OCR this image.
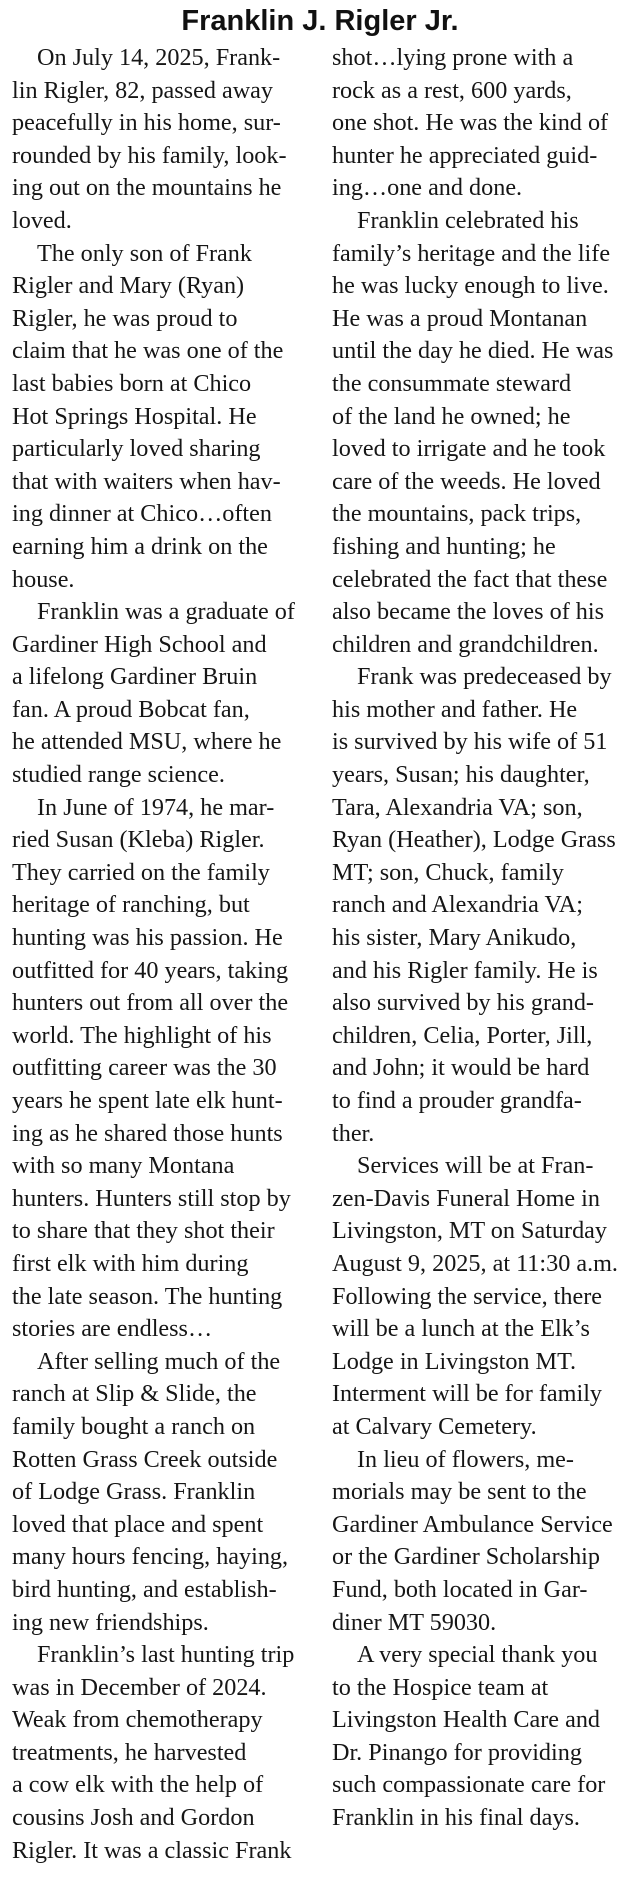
Franklin J. Rigler Jr.
On July 14, 2025, Frank-
lin Rigler, 82, passed away
peacefully in his home, sur-
rounded by his family, look-
ing out on the mountains he
loved.
The only son of Frank
Rigler and Mary (Ryan)
Rigler, he was proud to
claim that he was one of the
last babies born at Chico
Hot Springs Hospital. He
particularly loved sharing
that with waiters when hav-
ing dinner at Chico…often
earning him a drink on the
house.
Franklin was a graduate of
Gardiner High School and
a lifelong Gardiner Bruin
fan. A proud Bobcat fan,
he attended MSU, where he
studied range science.
In June of 1974, he mar-
ried Susan (Kleba) Rigler.
They carried on the family
heritage of ranching, but
hunting was his passion. He
outfitted for 40 years, taking
hunters out from all over the
world. The highlight of his
outfitting career was the 30
years he spent late elk hunt-
ing as he shared those hunts
with so many Montana
hunters. Hunters still stop by
to share that they shot their
first elk with him during
the late season. The hunting
stories are endless…
After selling much of the
ranch at Slip & Slide, the
family bought a ranch on
Rotten Grass Creek outside
of Lodge Grass. Franklin
loved that place and spent
many hours fencing, haying,
bird hunting, and establish-
ing new friendships.
Franklin’s last hunting trip
was in December of 2024.
Weak from chemotherapy
treatments, he harvested
a cow elk with the help of
cousins Josh and Gordon
Rigler. It was a classic Frank
shot…lying prone with a
rock as a rest, 600 yards,
one shot. He was the kind of
hunter he appreciated guid-
ing…one and done.
Franklin celebrated his
family’s heritage and the life
he was lucky enough to live.
He was a proud Montanan
until the day he died. He was
the consummate steward
of the land he owned; he
loved to irrigate and he took
care of the weeds. He loved
the mountains, pack trips,
fishing and hunting; he
celebrated the fact that these
also became the loves of his
children and grandchildren.
Frank was predeceased by
his mother and father. He
is survived by his wife of 51
years, Susan; his daughter,
Tara, Alexandria VA; son,
Ryan (Heather), Lodge Grass
MT; son, Chuck, family
ranch and Alexandria VA;
his sister, Mary Anikudo,
and his Rigler family. He is
also survived by his grand-
children, Celia, Porter, Jill,
and John; it would be hard
to find a prouder grandfa-
ther.
Services will be at Fran-
zen-Davis Funeral Home in
Livingston, MT on Saturday
August 9, 2025, at 11:30 a.m.
Following the service, there
will be a lunch at the Elk’s
Lodge in Livingston MT.
Interment will be for family
at Calvary Cemetery.
In lieu of flowers, me-
morials may be sent to the
Gardiner Ambulance Service
or the Gardiner Scholarship
Fund, both located in Gar-
diner MT 59030.
A very special thank you
to the Hospice team at
Livingston Health Care and
Dr. Pinango for providing
such compassionate care for
Franklin in his final days.
